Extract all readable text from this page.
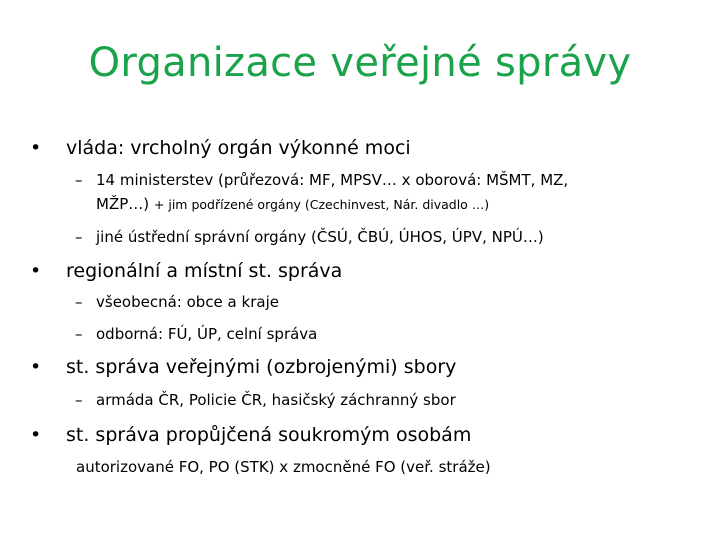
Organizace veřejné správy
• vláda: vrcholný orgán výkonné moci
– 14 ministerstev (průřezová: MF, MPSV… x oborová: MŠMT, MZ,
MŽP…) + jim podřízené orgány (Czechinvest, Nár. divadlo …)
– jiné ústřední správní orgány (ČSÚ, ČBÚ, ÚHOS, ÚPV, NPÚ…)
• regionální a místní st. správa
– všeobecná: obce a kraje
– odborná: FÚ, ÚP, celní správa
• st. správa veřejnými (ozbrojenými) sbory
– armáda ČR, Policie ČR, hasičský záchranný sbor
• st. správa propůjčená soukromým osobám
autorizované FO, PO (STK) x zmocněné FO (veř. stráže)
